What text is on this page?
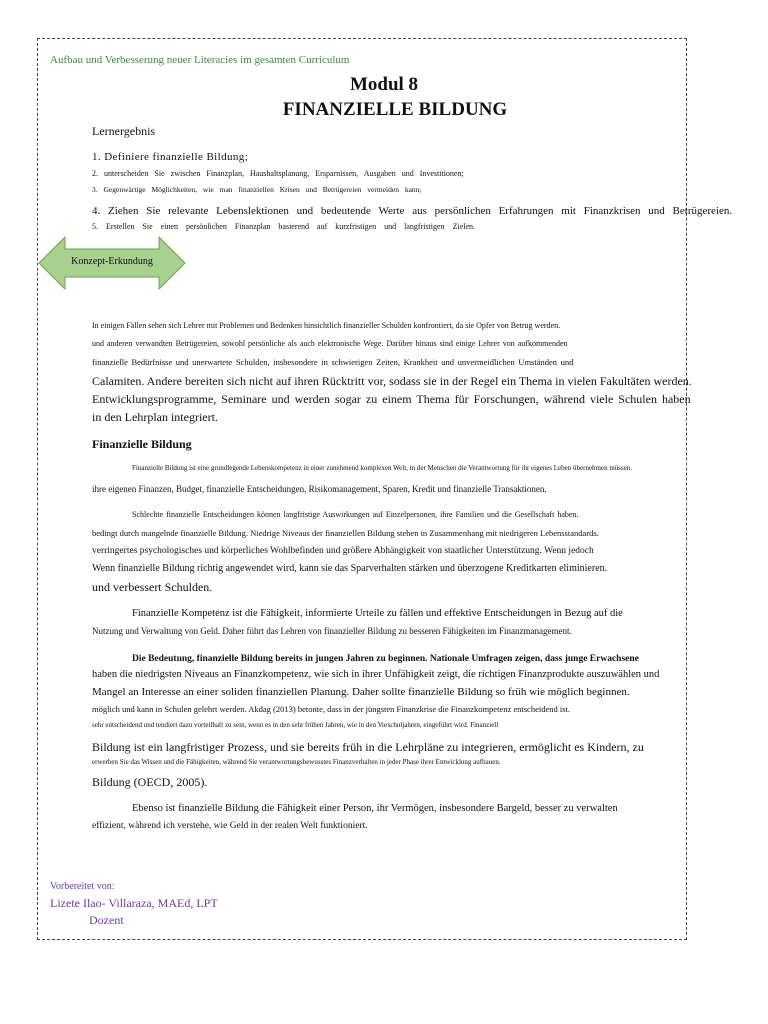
Aufbau und Verbesserung neuer Literacies im gesamten Curriculum
Modul 8
FINANZIELLE BILDUNG
Lernergebnis
1. Definiere finanzielle Bildung;
2. unterscheiden Sie zwischen Finanzplan, Haushaltsplanung, Ersparnissen, Ausgaben und Investitionen;
3. Gegenwärtige Möglichkeiten, wie man finanziellen Krisen und Betrügereien vermeiden kann;
4. Ziehen Sie relevante Lebenslektionen und bedeutende Werte aus persönlichen Erfahrungen mit Finanzkrisen und Betrügereien.
5. Erstellen Sie einen persönlichen Finanzplan basierend auf kurzfristigen und langfristigen Zielen.
Konzept-Erkundung
In einigen Fällen sehen sich Lehrer mit Problemen und Bedenken hinsichtlich finanzieller Schulden konfrontiert, da sie Opfer von Betrug werden.
und anderen verwandten Betrügereien, sowohl persönliche als auch elektronische Wege. Darüber hinaus sind einige Lehrer von aufkommenden
finanzielle Bedürfnisse und unerwartete Schulden, insbesondere in schwierigen Zeiten, Krankheit und unvermeidlichen Umständen und
Calamiten. Andere bereiten sich nicht auf ihren Rücktritt vor, sodass sie in der Regel ein Thema in vielen Fakultäten werden.
Entwicklungsprogramme, Seminare und werden sogar zu einem Thema für Forschungen, während viele Schulen haben
in den Lehrplan integriert.
Finanzielle Bildung
Finanzielle Bildung ist eine grundlegende Lebenskompetenz in einer zunehmend komplexen Welt, in der Menschen die Verantwortung für ihr eigenes Leben übernehmen müssen.
ihre eigenen Finanzen, Budget, finanzielle Entscheidungen, Risikomanagement, Sparen, Kredit und finanzielle Transaktionen.
Schlechte finanzielle Entscheidungen können langfristige Auswirkungen auf Einzelpersonen, ihre Familien und die Gesellschaft haben.
bedingt durch mangelnde finanzielle Bildung. Niedrige Niveaus der finanziellen Bildung stehen in Zusammenhang mit niedrigeren Lebensstandards.
verringertes psychologisches und körperliches Wohlbefinden und größere Abhängigkeit von staatlicher Unterstützung. Wenn jedoch
Wenn finanzielle Bildung richtig angewendet wird, kann sie das Sparverhalten stärken und überzogene Kreditkarten eliminieren.
und verbessert Schulden.
Finanzielle Kompetenz ist die Fähigkeit, informierte Urteile zu fällen und effektive Entscheidungen in Bezug auf die
Nutzung und Verwaltung von Geld. Daher führt das Lehren von finanzieller Bildung zu besseren Fähigkeiten im Finanzmanagement.
Die Bedeutung, finanzielle Bildung bereits in jungen Jahren zu beginnen. Nationale Umfragen zeigen, dass junge Erwachsene
haben die niedrigsten Niveaus an Finanzkompetenz, wie sich in ihrer Unfähigkeit zeigt, die richtigen Finanzprodukte auszuwählen und
Mangel an Interesse an einer soliden finanziellen Planung. Daher sollte finanzielle Bildung so früh wie möglich beginnen.
möglich und kann in Schulen gelehrt werden. Akdag (2013) betonte, dass in der jüngsten Finanzkrise die Finanzkompetenz entscheidend ist.
sehr entscheidend und tendiert dazu vorteilhaft zu sein, wenn es in den sehr frühen Jahren, wie in den Vorschuljahren, eingeführt wird. Finanziell
Bildung ist ein langfristiger Prozess, und sie bereits früh in die Lehrpläne zu integrieren, ermöglicht es Kindern, zu
erwerben Sie das Wissen und die Fähigkeiten, während Sie verantwortungsbewusstes Finanzverhalten in jeder Phase ihrer Entwicklung aufbauen.
Bildung (OECD, 2005).
Ebenso ist finanzielle Bildung die Fähigkeit einer Person, ihr Vermögen, insbesondere Bargeld, besser zu verwalten
effizient, während ich verstehe, wie Geld in der realen Welt funktioniert.
Vorbereitet von:
Lizete Ilao- Villaraza, MAEd, LPT
Dozent
